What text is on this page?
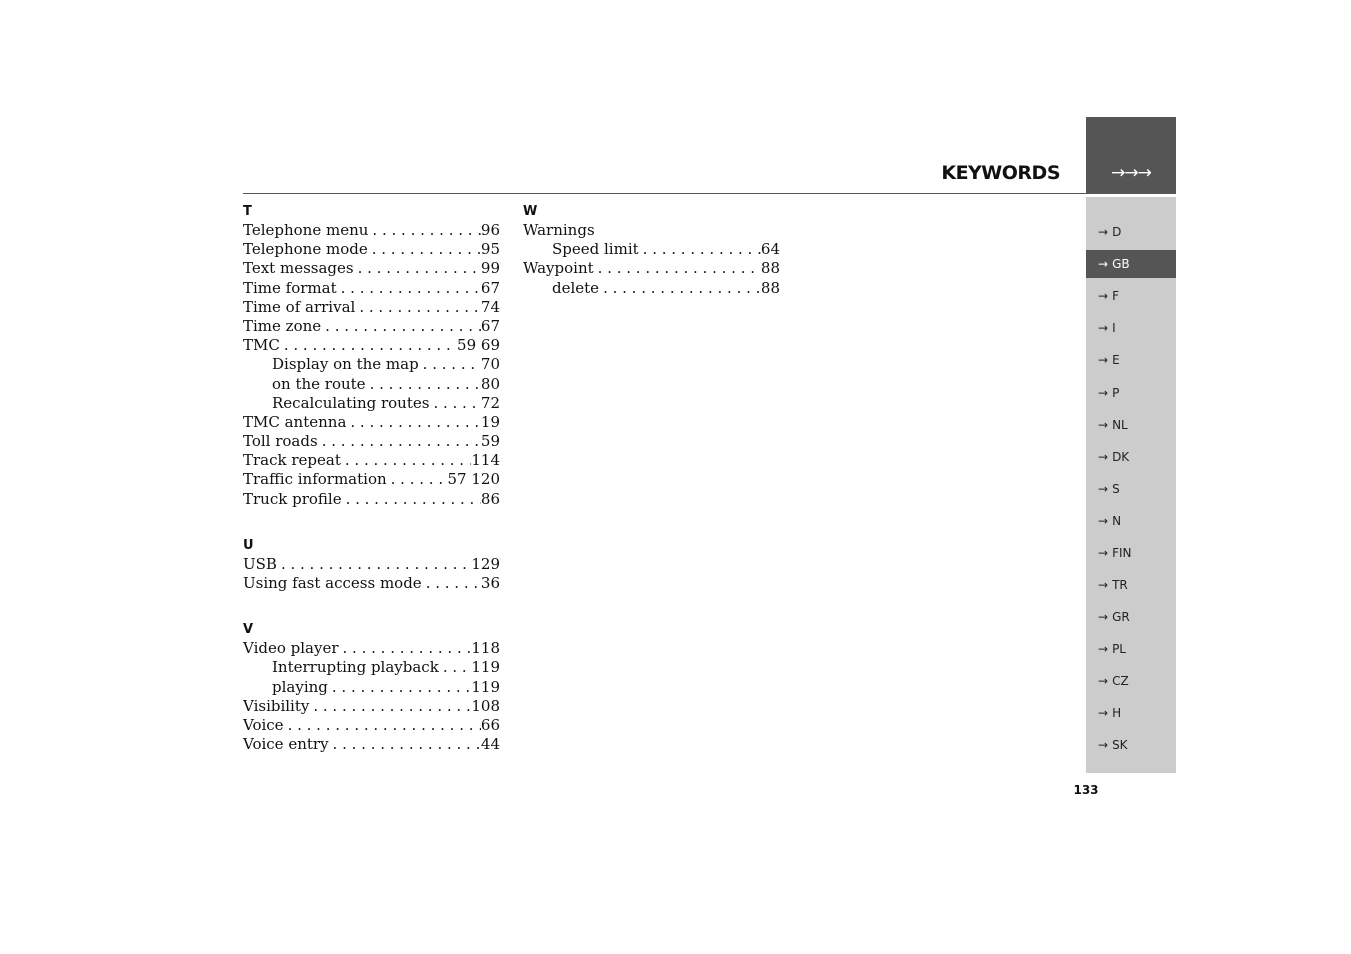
KEYWORDS	→→→
→ D
→ GB
→ F
→ I
→ E
→ P
→ NL
→ DK
→ S
→ N
→ FIN
→ TR
→ GR
→ PL
→ CZ
→ H
→ SK
T
Telephone menu . . .	96
Telephone mode . . .	95
Text messages . . .	99
Time format . . .	67
Time of arrival . . .	74
Time zone . . .	67
TMC . . .	59 69
Display on the map . . .	70
on the route . . .	80
Recalculating routes . . .	72
TMC antenna . . .	19
Toll roads . . .	59
Track repeat . . .	114
Traffic information . . .	57 120
Truck profile . . .	86
U
USB . . .	129
Using fast access mode . . .	36
V
Video player . . .	118
Interrupting playback . . . 119
playing . . .	119
Visibility . . .	108
Voice . . .	66
Voice entry . . .	44
W
Warnings
Speed limit . . .	64
Waypoint . . .	88
delete . . .	88
133
